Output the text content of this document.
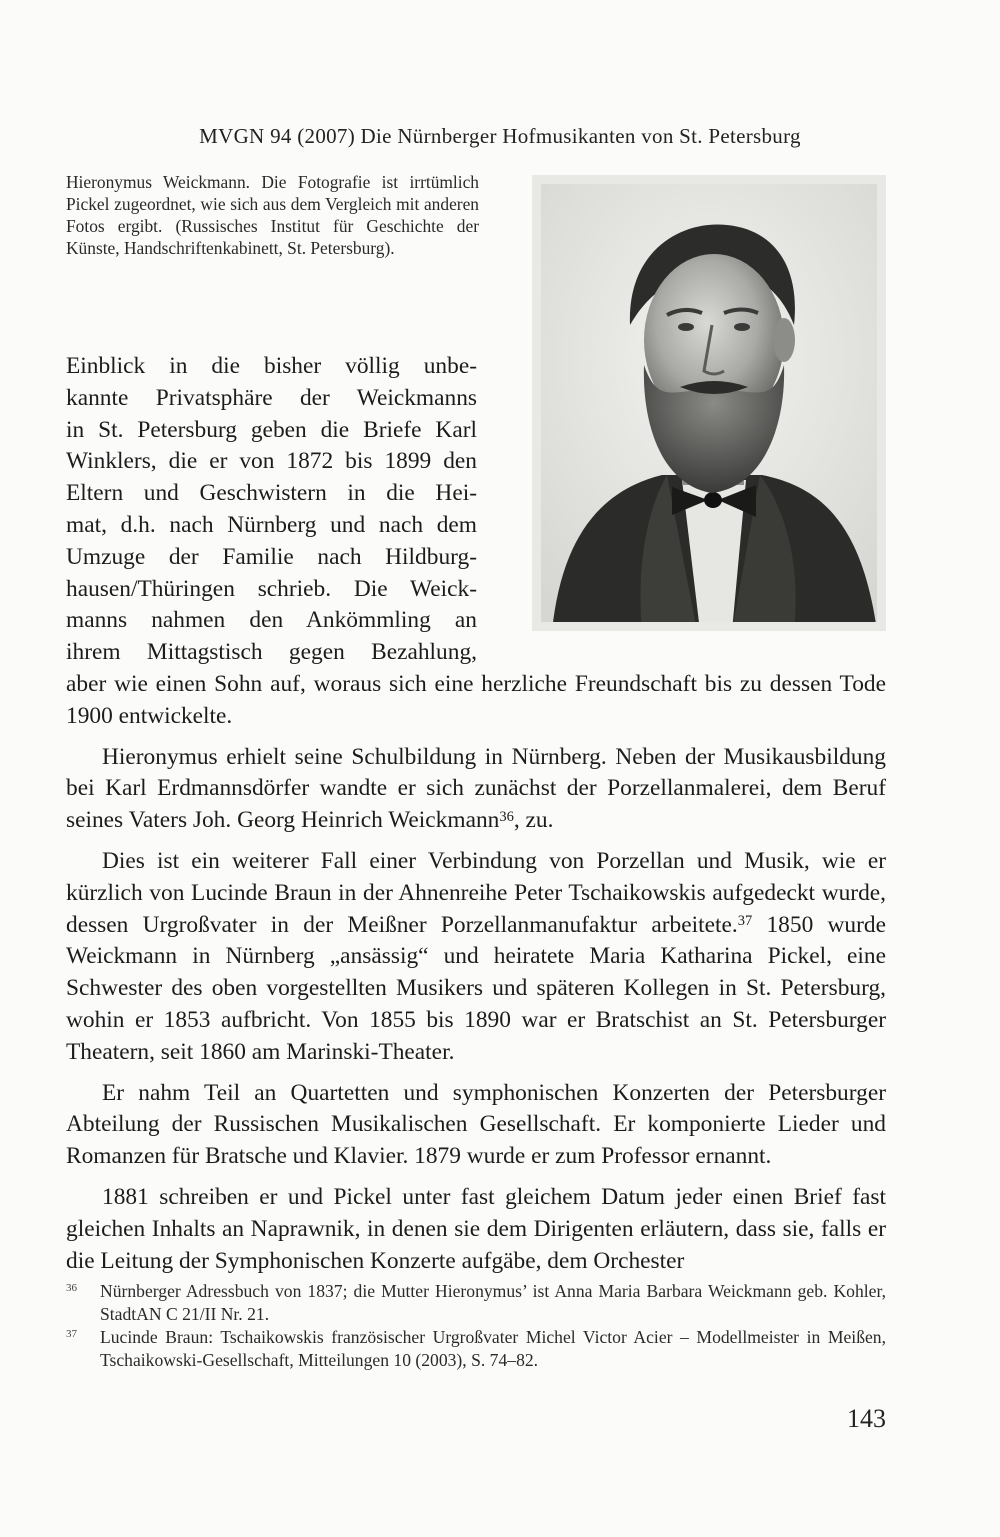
MVGN 94 (2007) Die Nürnberger Hofmusikanten von St. Petersburg
Hieronymus Weickmann. Die Fotografie ist irrtümlich Pickel zugeordnet, wie sich aus dem Vergleich mit anderen Fotos ergibt. (Russisches Institut für Geschichte der Künste, Handschriftenkabinett, St. Petersburg).
Einblick in die bisher völlig unbe-
kannte Privatsphäre der Weickmanns
in St. Petersburg geben die Briefe Karl
Winklers, die er von 1872 bis 1899 den
Eltern und Geschwistern in die Hei-
mat, d.h. nach Nürnberg und nach dem
Umzuge der Familie nach Hildburg-
hausen/Thüringen schrieb. Die Weick-
manns nahmen den Ankömmling an
ihrem Mittagstisch gegen Bezahlung,

aber wie einen Sohn auf, woraus sich eine herzliche Freundschaft bis zu dessen Tode 1900 entwickelte.

Hieronymus erhielt seine Schulbildung in Nürnberg. Neben der Musikausbildung bei Karl Erdmannsdörfer wandte er sich zunächst der Porzellanmalerei, dem Beruf seines Vaters Joh. Georg Heinrich Weickmann$^{36}$, zu.

Dies ist ein weiterer Fall einer Verbindung von Porzellan und Musik, wie er kürzlich von Lucinde Braun in der Ahnenreihe Peter Tschaikowskis aufgedeckt wurde, dessen Urgroßvater in der Meißner Porzellanmanufaktur arbeitete.$^{37}$ 1850 wurde Weickmann in Nürnberg „ansässig“ und heiratete Maria Katharina Pickel, eine Schwester des oben vorgestellten Musikers und späteren Kollegen in St. Petersburg, wohin er 1853 aufbricht. Von 1855 bis 1890 war er Bratschist an St. Petersburger Theatern, seit 1860 am Marinski-Theater.

Er nahm Teil an Quartetten und symphonischen Konzerten der Petersburger Abteilung der Russischen Musikalischen Gesellschaft. Er komponierte Lieder und Romanzen für Bratsche und Klavier. 1879 wurde er zum Professor ernannt.

1881 schreiben er und Pickel unter fast gleichem Datum jeder einen Brief fast gleichen Inhalts an Naprawnik, in denen sie dem Dirigenten erläutern, dass sie, falls er die Leitung der Symphonischen Konzerte aufgäbe, dem Orchester

36	Nürnberger Adressbuch von 1837; die Mutter Hieronymus’ ist Anna Maria Barbara Weickmann geb. Kohler, StadtAN C 21/II Nr. 21.
37	Lucinde Braun: Tschaikowskis französischer Urgroßvater Michel Victor Acier – Modellmeister in Meißen, Tschaikowski-Gesellschaft, Mitteilungen 10 (2003), S. 74–82.
143
